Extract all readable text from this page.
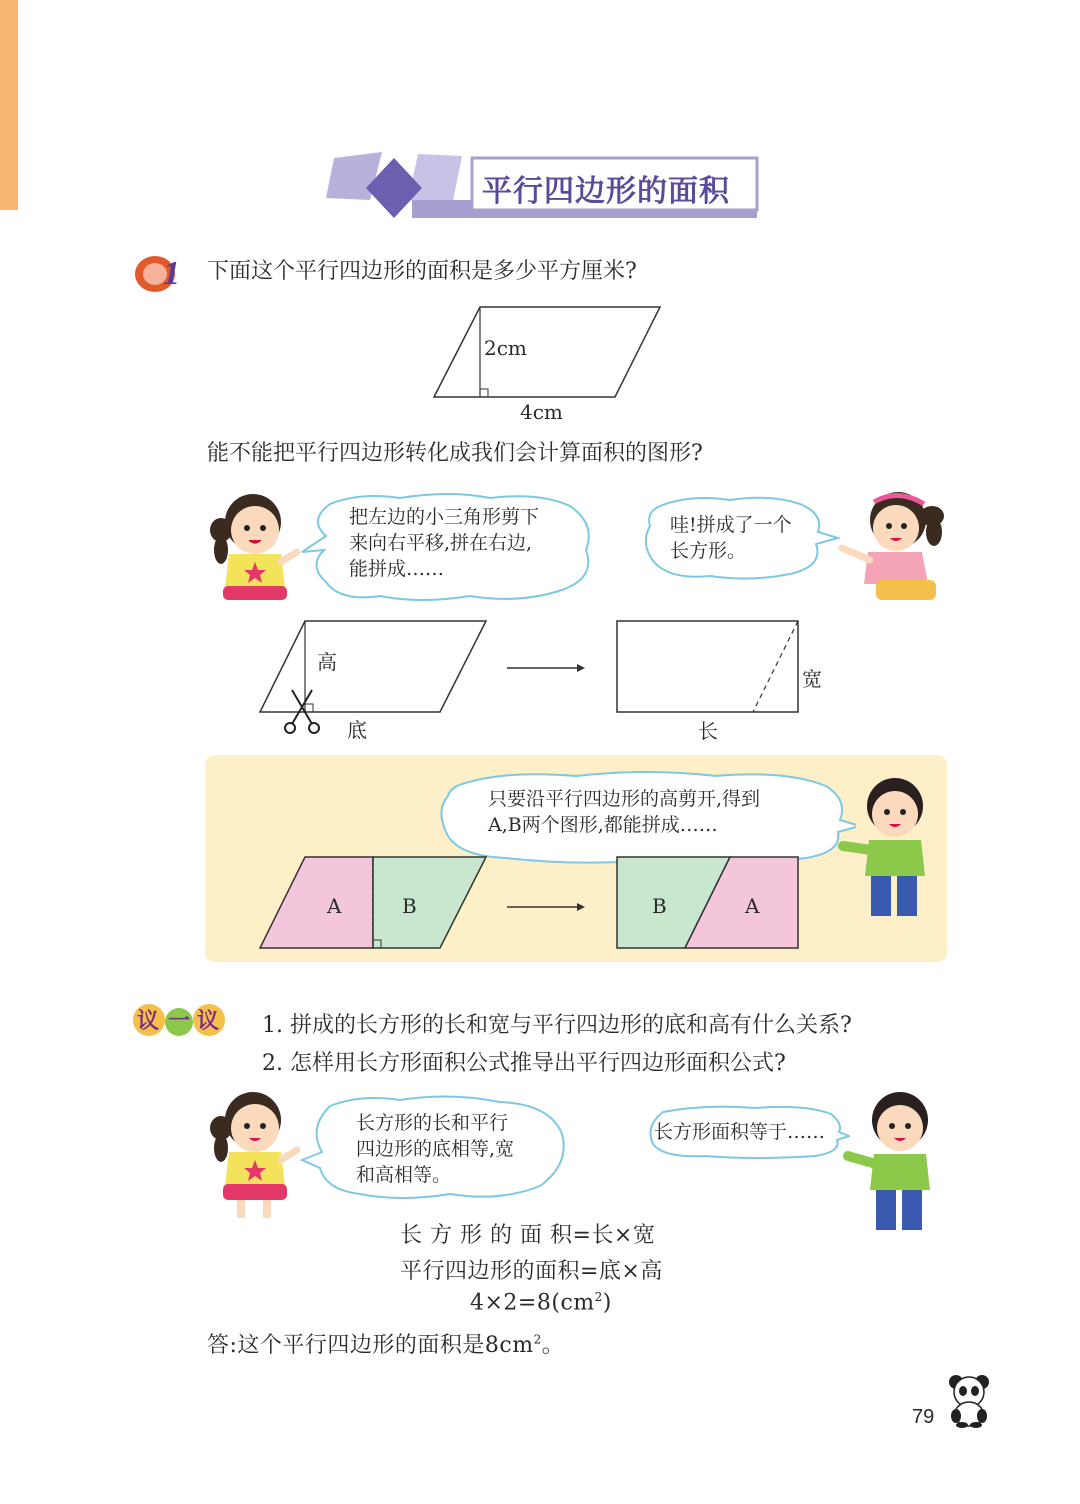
平行四边形的面积
1 下面这个平行四边形的面积是多少平方厘米?
2cm
4cm
能不能把平行四边形转化成我们会计算面积的图形?
把左边的小三角形剪下
来向右平移,拼在右边,
能拼成……
哇!拼成了一个
长方形。
高
底
宽
长
只要沿平行四边形的高剪开,得到
A,B两个图形,都能拼成……
A	B	B	A
议 一 议 1. 拼成的长方形的长和宽与平行四边形的底和高有什么关系?
2. 怎样用长方形面积公式推导出平行四边形面积公式?
长方形的长和平行
四边形的底相等,宽
和高相等。
长方形面积等于……
长 方 形 的 面 积=长×宽
平行四边形的面积=底×高
$4\times 2=8(cm^2)$
答:这个平行四边形的面积是$8cm^2$。
79
